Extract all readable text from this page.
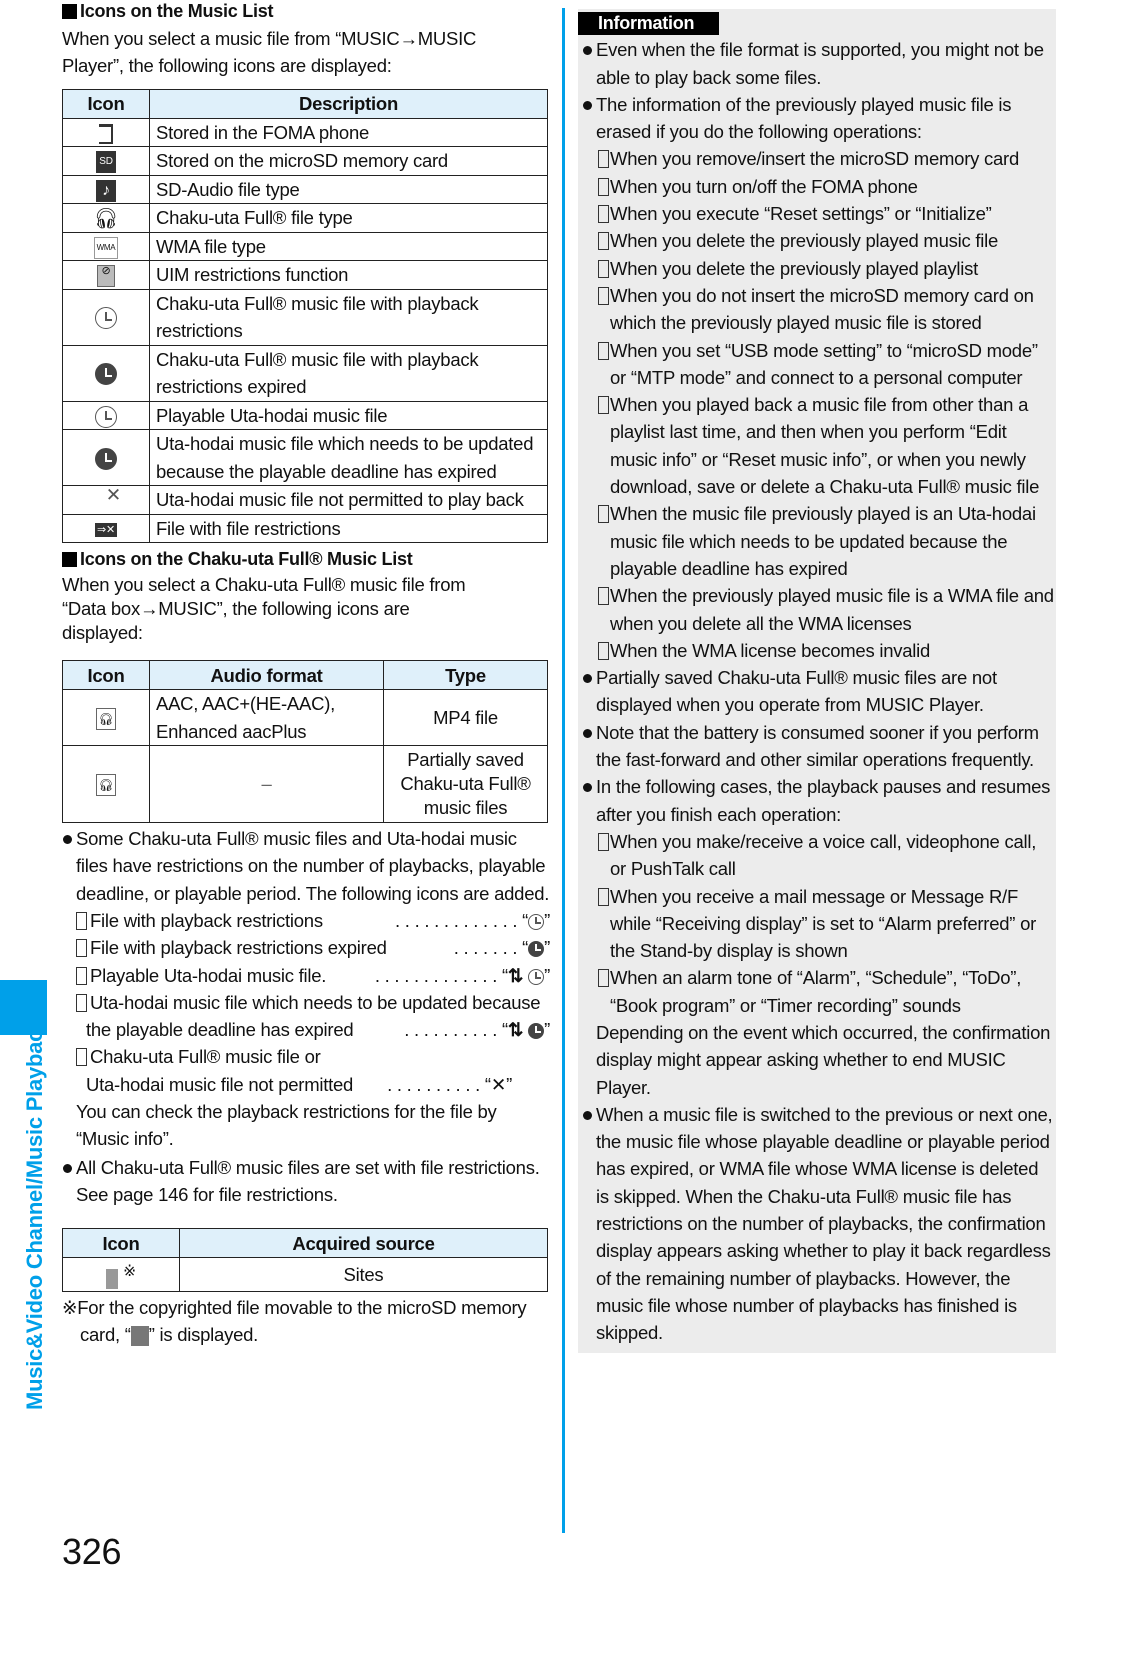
Music&Video Channel/Music Playback
326
Icons on the Music List

When you select a music file from “MUSIC→MUSIC Player”, the following icons are displayed:

Icon	Description
	Stored in the FOMA phone
SD	Stored on the microSD memory card
♪	SD-Audio file type
🎧︎	Chaku-uta Full® file type
WMA	WMA file type
⊘	UIM restrictions function
	Chaku-uta Full® music file with playback restrictions
	Chaku-uta Full® music file with playback restrictions expired
	Playable Uta-hodai music file
	Uta-hodai music file which needs to be updated because the playable deadline has expired
✕	Uta-hodai music file not permitted to play back
⇒✕	File with file restrictions
Icons on the Chaku-uta Full® Music List

When you select a Chaku-uta Full® music file from “Data box→MUSIC”, the following icons are displayed:

Icon	Audio format	Type
🎧︎	AAC, AAC+(HE-AAC), Enhanced aacPlus	MP4 file
🎧︎	–	Partially saved Chaku-uta Full® music files

Some Chaku-uta Full® music files and Uta-hodai music files have restrictions on the number of playbacks, playable deadline, or playable period. The following icons are added.

File with playback restrictions	. . . . . . . . . . . . . “ ”
File with playback restrictions expired	. . . . . . . “ ”
Playable Uta-hodai music file.	. . . . . . . . . . . . . “⇅ ”
Uta-hodai music file which needs to be updated because
the playable deadline has expired	. . . . . . . . . . “⇅ ”
Chaku-uta Full® music file or
Uta-hodai music file not permitted . . . . . . . . . . “✕”

You can check the playback restrictions for the file by “Music info”.

All Chaku-uta Full® music files are set with file restrictions. See page 146 for file restrictions.

Icon	Acquired source
※	Sites

※For the copyrighted file movable to the microSD memory card, “ ” is displayed.

Information

Even when the file format is supported, you might not be able to play back some files.

The information of the previously played music file is erased if you do the following operations:

When you remove/insert the microSD memory card
When you turn on/off the FOMA phone
When you execute “Reset settings” or “Initialize”
When you delete the previously played music file
When you delete the previously played playlist
When you do not insert the microSD memory card on which the previously played music file is stored
When you set “USB mode setting” to “microSD mode” or “MTP mode” and connect to a personal computer
When you played back a music file from other than a playlist last time, and then when you perform “Edit music info” or “Reset music info”, or when you newly download, save or delete a Chaku-uta Full® music file
When the music file previously played is an Uta-hodai music file which needs to be updated because the playable deadline has expired
When the previously played music file is a WMA file and when you delete all the WMA licenses
When the WMA license becomes invalid

Partially saved Chaku-uta Full® music files are not displayed when you operate from MUSIC Player.

Note that the battery is consumed sooner if you perform the fast-forward and other similar operations frequently.

In the following cases, the playback pauses and resumes after you finish each operation:

When you make/receive a voice call, videophone call, or PushTalk call
When you receive a mail message or Message R/F while “Receiving display” is set to “Alarm preferred” or the Stand-by display is shown
When an alarm tone of “Alarm”, “Schedule”, “ToDo”, “Book program” or “Timer recording” sounds

Depending on the event which occurred, the confirmation display might appear asking whether to end MUSIC Player.

When a music file is switched to the previous or next one, the music file whose playable deadline or playable period has expired, or WMA file whose WMA license is deleted is skipped. When the Chaku-uta Full® music file has restrictions on the number of playbacks, the confirmation display appears asking whether to play it back regardless of the remaining number of playbacks. However, the music file whose number of playbacks has finished is skipped.
